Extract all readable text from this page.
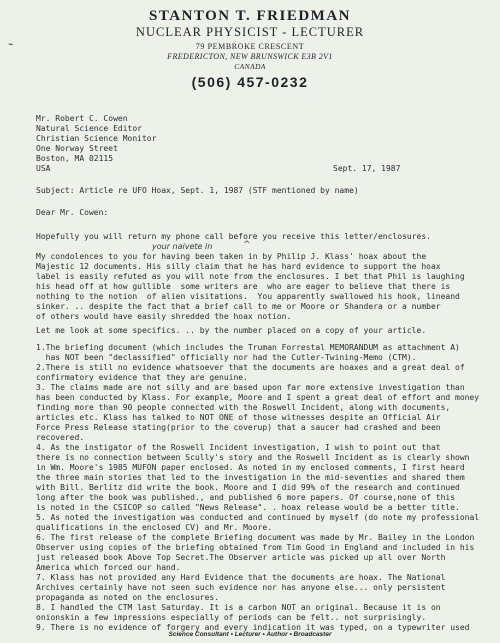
STANTON T. FRIEDMAN
NUCLEAR PHYSICIST - LECTURER
79 PEMBROKE CRESCENT
FREDERICTON, NEW BRUNSWICK E3B 2V1
CANADA
(506) 457-0232
Mr. Robert C. Cowen
Natural Science Editor
Christian Science Monitor
One Norway Street
Boston, MA 02115
USA	Sept. 17, 1987
Subject: Article re UFO Hoax, Sept. 1, 1987 (STF mentioned by name)
Dear Mr. Cowen:
Hopefully you will return my phone call before you receive this letter/enclosures.
your naivete in
My condolences to you for having been taken in by Philip J. Klass' hoax about the
Majestic 12 documents. His silly claim that he has hard evidence to support the hoax
label is easily refuted as you will note from the enclosures. I bet that Phil is laughing
his head off at how gullible  some writers are  who are eager to believe that there is
nothing to the notion  of alien visitations.  You apparently swallowed his hook, lineand
sinker. .. despite the fact that a brief call to me or Moore or Shandera or a number
of others would have easily shredded the hoax notion.
Let me look at some specifics. .. by the number placed on a copy of your article.
1.The briefing document (which includes the Truman Forrestal MEMORANDUM as attachment A)
has NOT been "declassified" officially nor had the Cutler-Twining-Memo (CTM).
2.There is still no evidence whatsoever that the documents are hoaxes and a great deal of
confirmatory evidence that they are genuine.
3. The claims made are not silly and are based upon far more extensive investigation than
has been conducted by Klass. For example, Moore and I spent a great deal of effort and money
finding more than 90 people connected with the Roswell Incident, along with documents,
articles etc. Klass has talked to NOT ONE of those witnesses despite an Official Air
Force Press Release stating(prior to the coverup) that a saucer had crashed and been
recovered.
4. As the instigator of the Roswell Incident investigation, I wish to point out that
there is no connection between Scully's story and the Roswell Incident as is clearly shown
in Wm. Moore's 1985 MUFON paper enclosed. As noted in my enclosed comments, I first heard
the three main stories that led to the investigation in the mid-seventies and shared them
with Bill. Berlitz did write the book. Moore and I did 99% of the research and continued
long after the book was published., and published 6 more papers. Of course,none of this
is noted in the CSICOP so called "News Release". . hoax release would be a better title.
5. As noted the investigation was conducted and continued by myself (do note my professional
qualifications in the enclosed CV) and Mr. Moore.
6. The first release of the complete Briefing document was made by Mr. Bailey in the London
Observer using copies of the briefing obtained from Tim Good in England and included in his
just released book Above Top Secret.The Observer article was picked up all over North
America which forced our hand.
7. Klass has not provided any Hard Evidence that the documents are hoax. The National
Archives certainly have not seen such evidence nor has anyone else... only persistent
propaganda as noted on the enclosures.
8. I handled the CTM last Saturday. It is a carbon NOT an original. Because it is on
onionskin a few impressions especially of periods can be felt.. not surprisingly.
9. There is no evidence of forgery and every indication it was typed, on a typewriter used
⌁
^
Science Consultant • Lecturer • Author • Broadcaster
